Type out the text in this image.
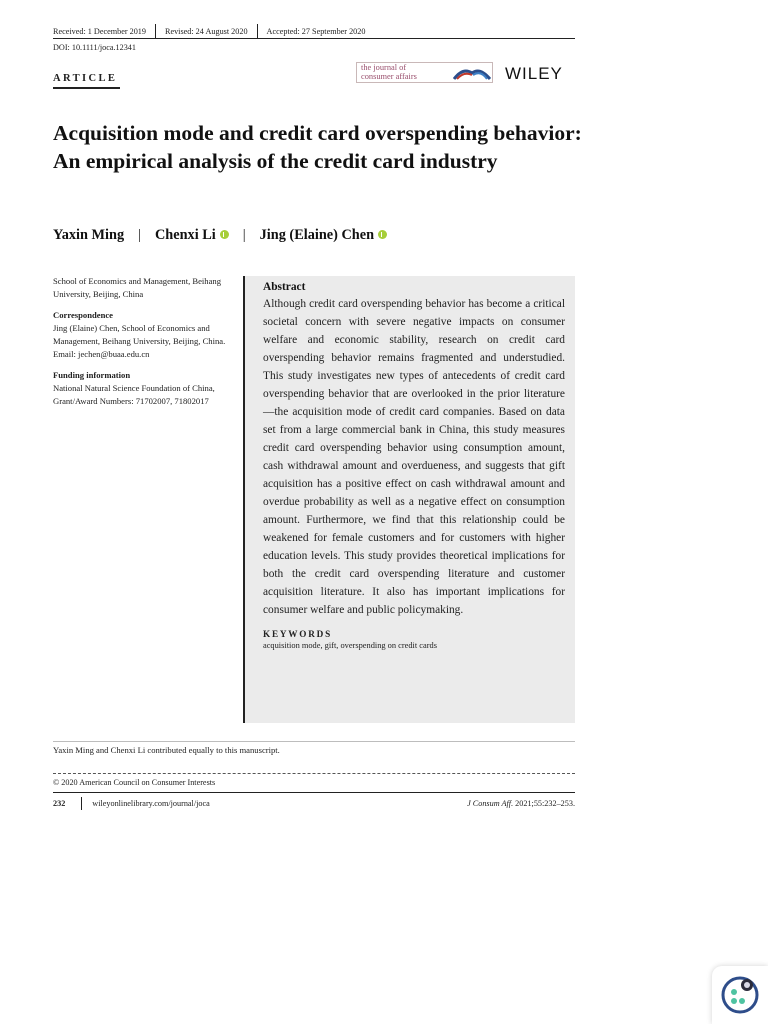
Received: 1 December 2019 Revised: 24 August 2020 Accepted: 27 September 2020
DOI: 10.1111/joca.12341
ARTICLE
the journal of
consumer affairs	WILEY
Acquisition mode and credit card overspending behavior: An empirical analysis of the credit card industry
Yaxin Ming | Chenxi Li | Jing (Elaine) Chen

School of Economics and Management, Beihang University, Beijing, China

Correspondence

Jing (Elaine) Chen, School of Economics and Management, Beihang University, Beijing, China.

Email: jechen@buaa.edu.cn

Funding information

National Natural Science Foundation of China, Grant/Award Numbers: 71702007, 71802017

Abstract

Although credit card overspending behavior has become a critical societal concern with severe negative impacts on consumer welfare and economic stability, research on credit card overspending behavior remains fragmented and understudied. This study investigates new types of antecedents of credit card overspending behavior that are overlooked in the prior literature—the acquisition mode of credit card companies. Based on data set from a large commercial bank in China, this study measures credit card overspending behavior using consumption amount, cash withdrawal amount and overdueness, and suggests that gift acquisition has a positive effect on cash withdrawal amount and overdue probability as well as a negative effect on consumption amount. Furthermore, we find that this relationship could be weakened for female customers and for customers with higher education levels. This study provides theoretical implications for both the credit card overspending literature and customer acquisition literature. It also has important implications for consumer welfare and public policymaking.

KEYWORDS

acquisition mode, gift, overspending on credit cards

Yaxin Ming and Chenxi Li contributed equally to this manuscript.
© 2020 American Council on Consumer Interests
232	wileyonlinelibrary.com/journal/joca	J Consum Aff. 2021;55:232–253.
